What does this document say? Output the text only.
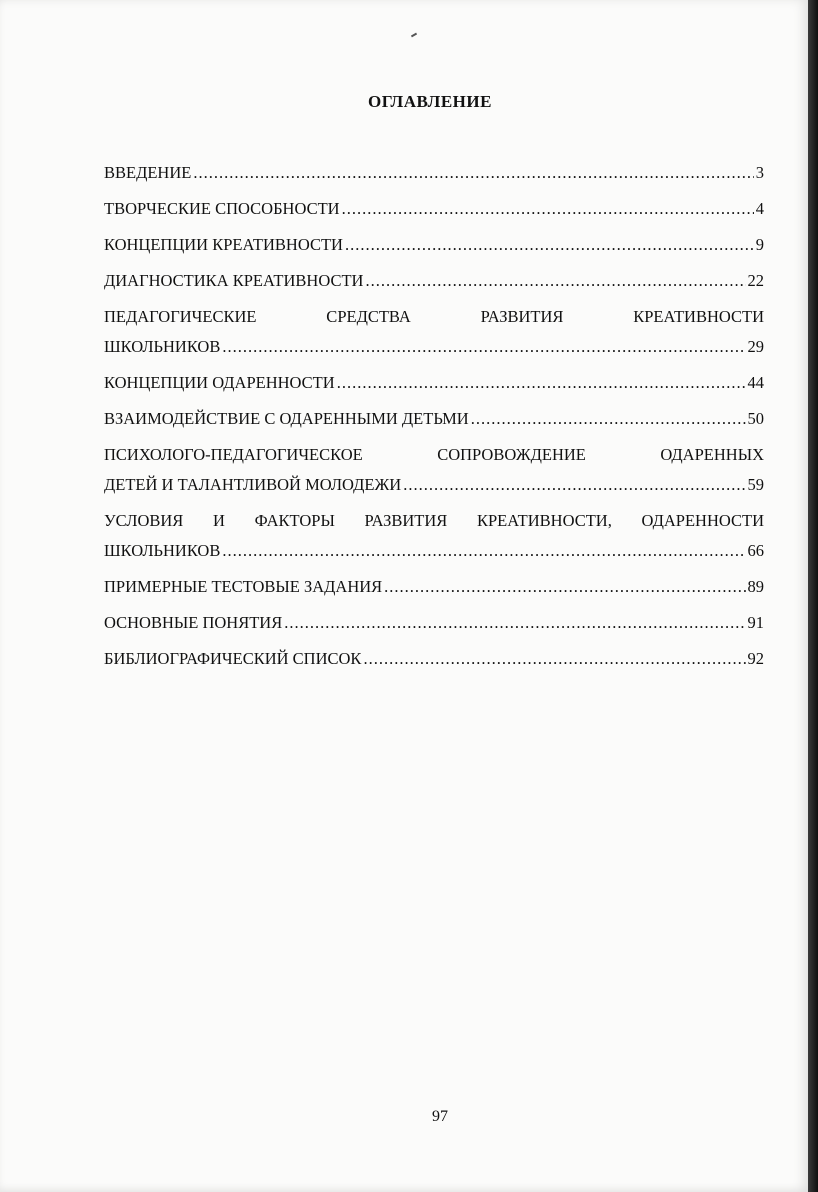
ОГЛАВЛЕНИЕ
ВВЕДЕНИЕ .....	3
ТВОРЧЕСКИЕ СПОСОБНОСТИ .....	4
КОНЦЕПЦИИ КРЕАТИВНОСТИ .....	9
ДИАГНОСТИКА КРЕАТИВНОСТИ .....	22
ПЕДАГОГИЧЕСКИЕ СРЕДСТВА РАЗВИТИЯ КРЕАТИВНОСТИ
ШКОЛЬНИКОВ .....	29
КОНЦЕПЦИИ ОДАРЕННОСТИ .....	44
ВЗАИМОДЕЙСТВИЕ С ОДАРЕННЫМИ ДЕТЬМИ .....	50
ПСИХОЛОГО-ПЕДАГОГИЧЕСКОЕ СОПРОВОЖДЕНИЕ ОДАРЕННЫХ
ДЕТЕЙ И ТАЛАНТЛИВОЙ МОЛОДЕЖИ .....	59
УСЛОВИЯ И ФАКТОРЫ РАЗВИТИЯ КРЕАТИВНОСТИ, ОДАРЕННОСТИ
ШКОЛЬНИКОВ .....	66
ПРИМЕРНЫЕ ТЕСТОВЫЕ ЗАДАНИЯ .....	89
ОСНОВНЫЕ ПОНЯТИЯ .....	91
БИБЛИОГРАФИЧЕСКИЙ СПИСОК .....	92
97
